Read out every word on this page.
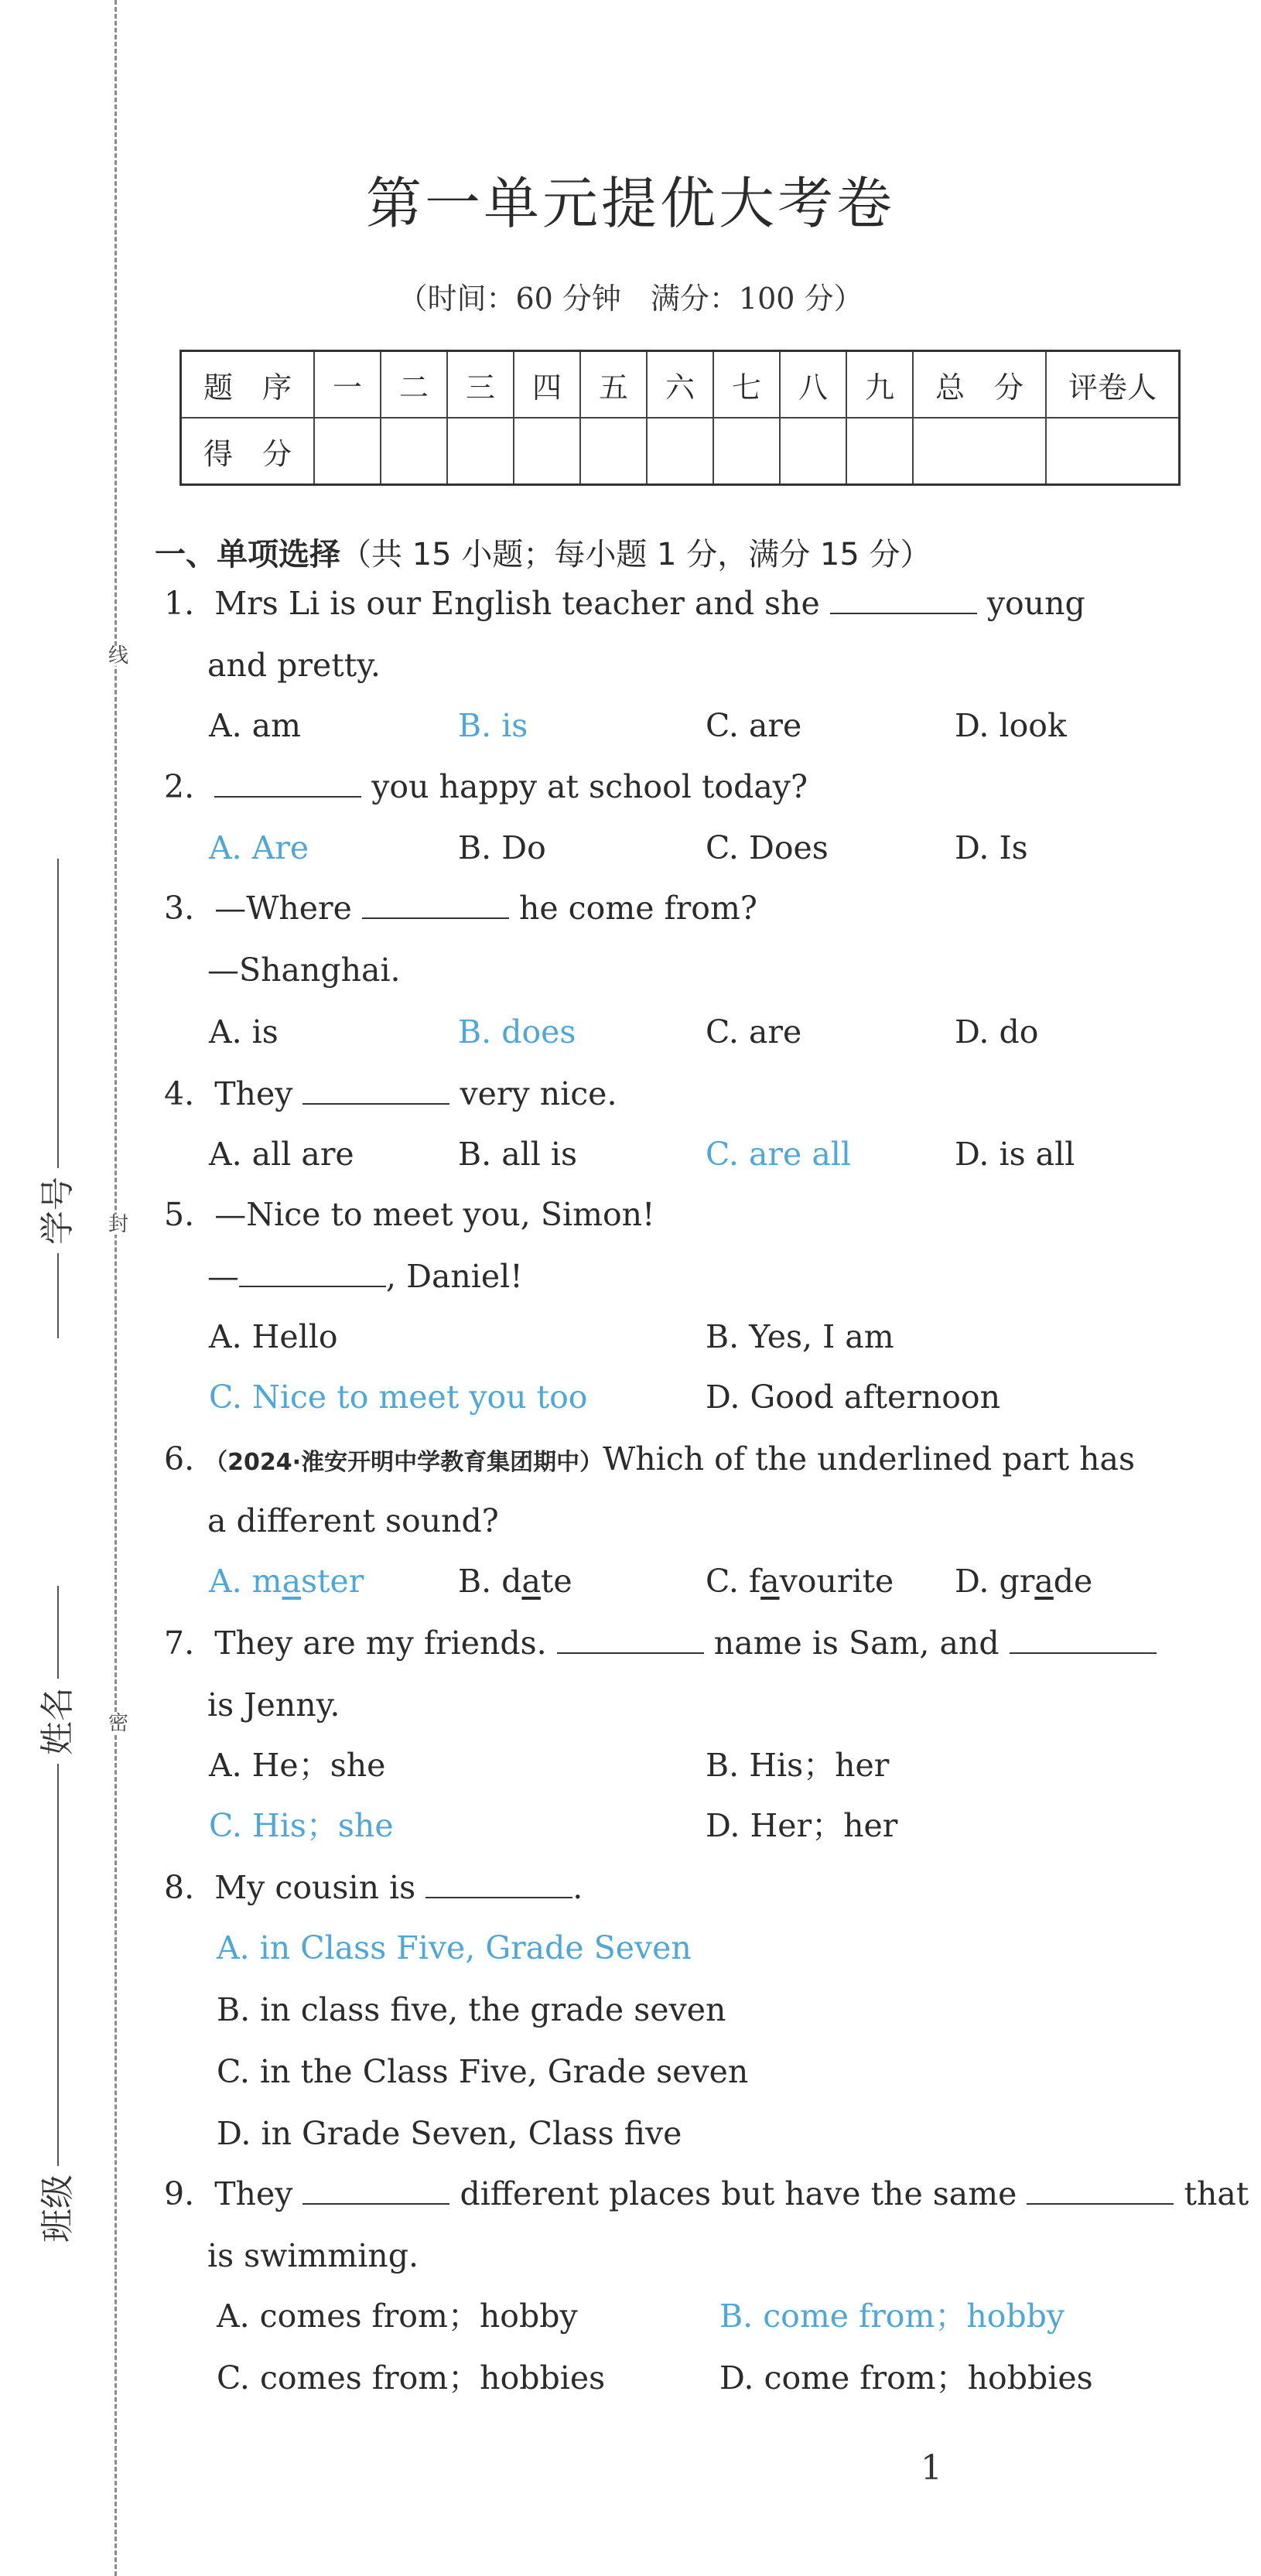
线
封
密
学号
姓名
班级
第一单元提优大考卷
（时间：60 分钟　满分：100 分）
题　序	一	二	三	四	五	六	七	八	九	总　分	评卷人
得　分											
一、单项选择（共 15 小题；每小题 1 分，满分 15 分）
1. Mrs Li is our English teacher and she	young
and pretty.
A. am	B. is	C. are	D. look
2.	you happy at school today?
A. Are	B. Do	C. Does	D. Is
3. —Where	he come from?
—Shanghai.
A. is	B. does	C. are	D. do
4. They	very nice.
A. all are	B. all is	C. are all	D. is all
5. —Nice to meet you, Simon!
—	, Daniel!
A. Hello	B. Yes, I am
C. Nice to meet you too	D. Good afternoon
6. （2024·淮安开明中学教育集团期中）Which of the underlined part has
a different sound?
A. master	B. date	C. favourite D. grade
7. They are my friends.	name is Sam, and
is Jenny.
A. He；she	B. His；her
C. His；she	D. Her；her
8. My cousin is	.
A. in Class Five, Grade Seven
B. in class five, the grade seven
C. in the Class Five, Grade seven
D. in Grade Seven, Class five
9. They	different places but have the same	that
is swimming.
A. comes from；hobby	B. come from；hobby
C. comes from；hobbies	D. come from；hobbies
1
